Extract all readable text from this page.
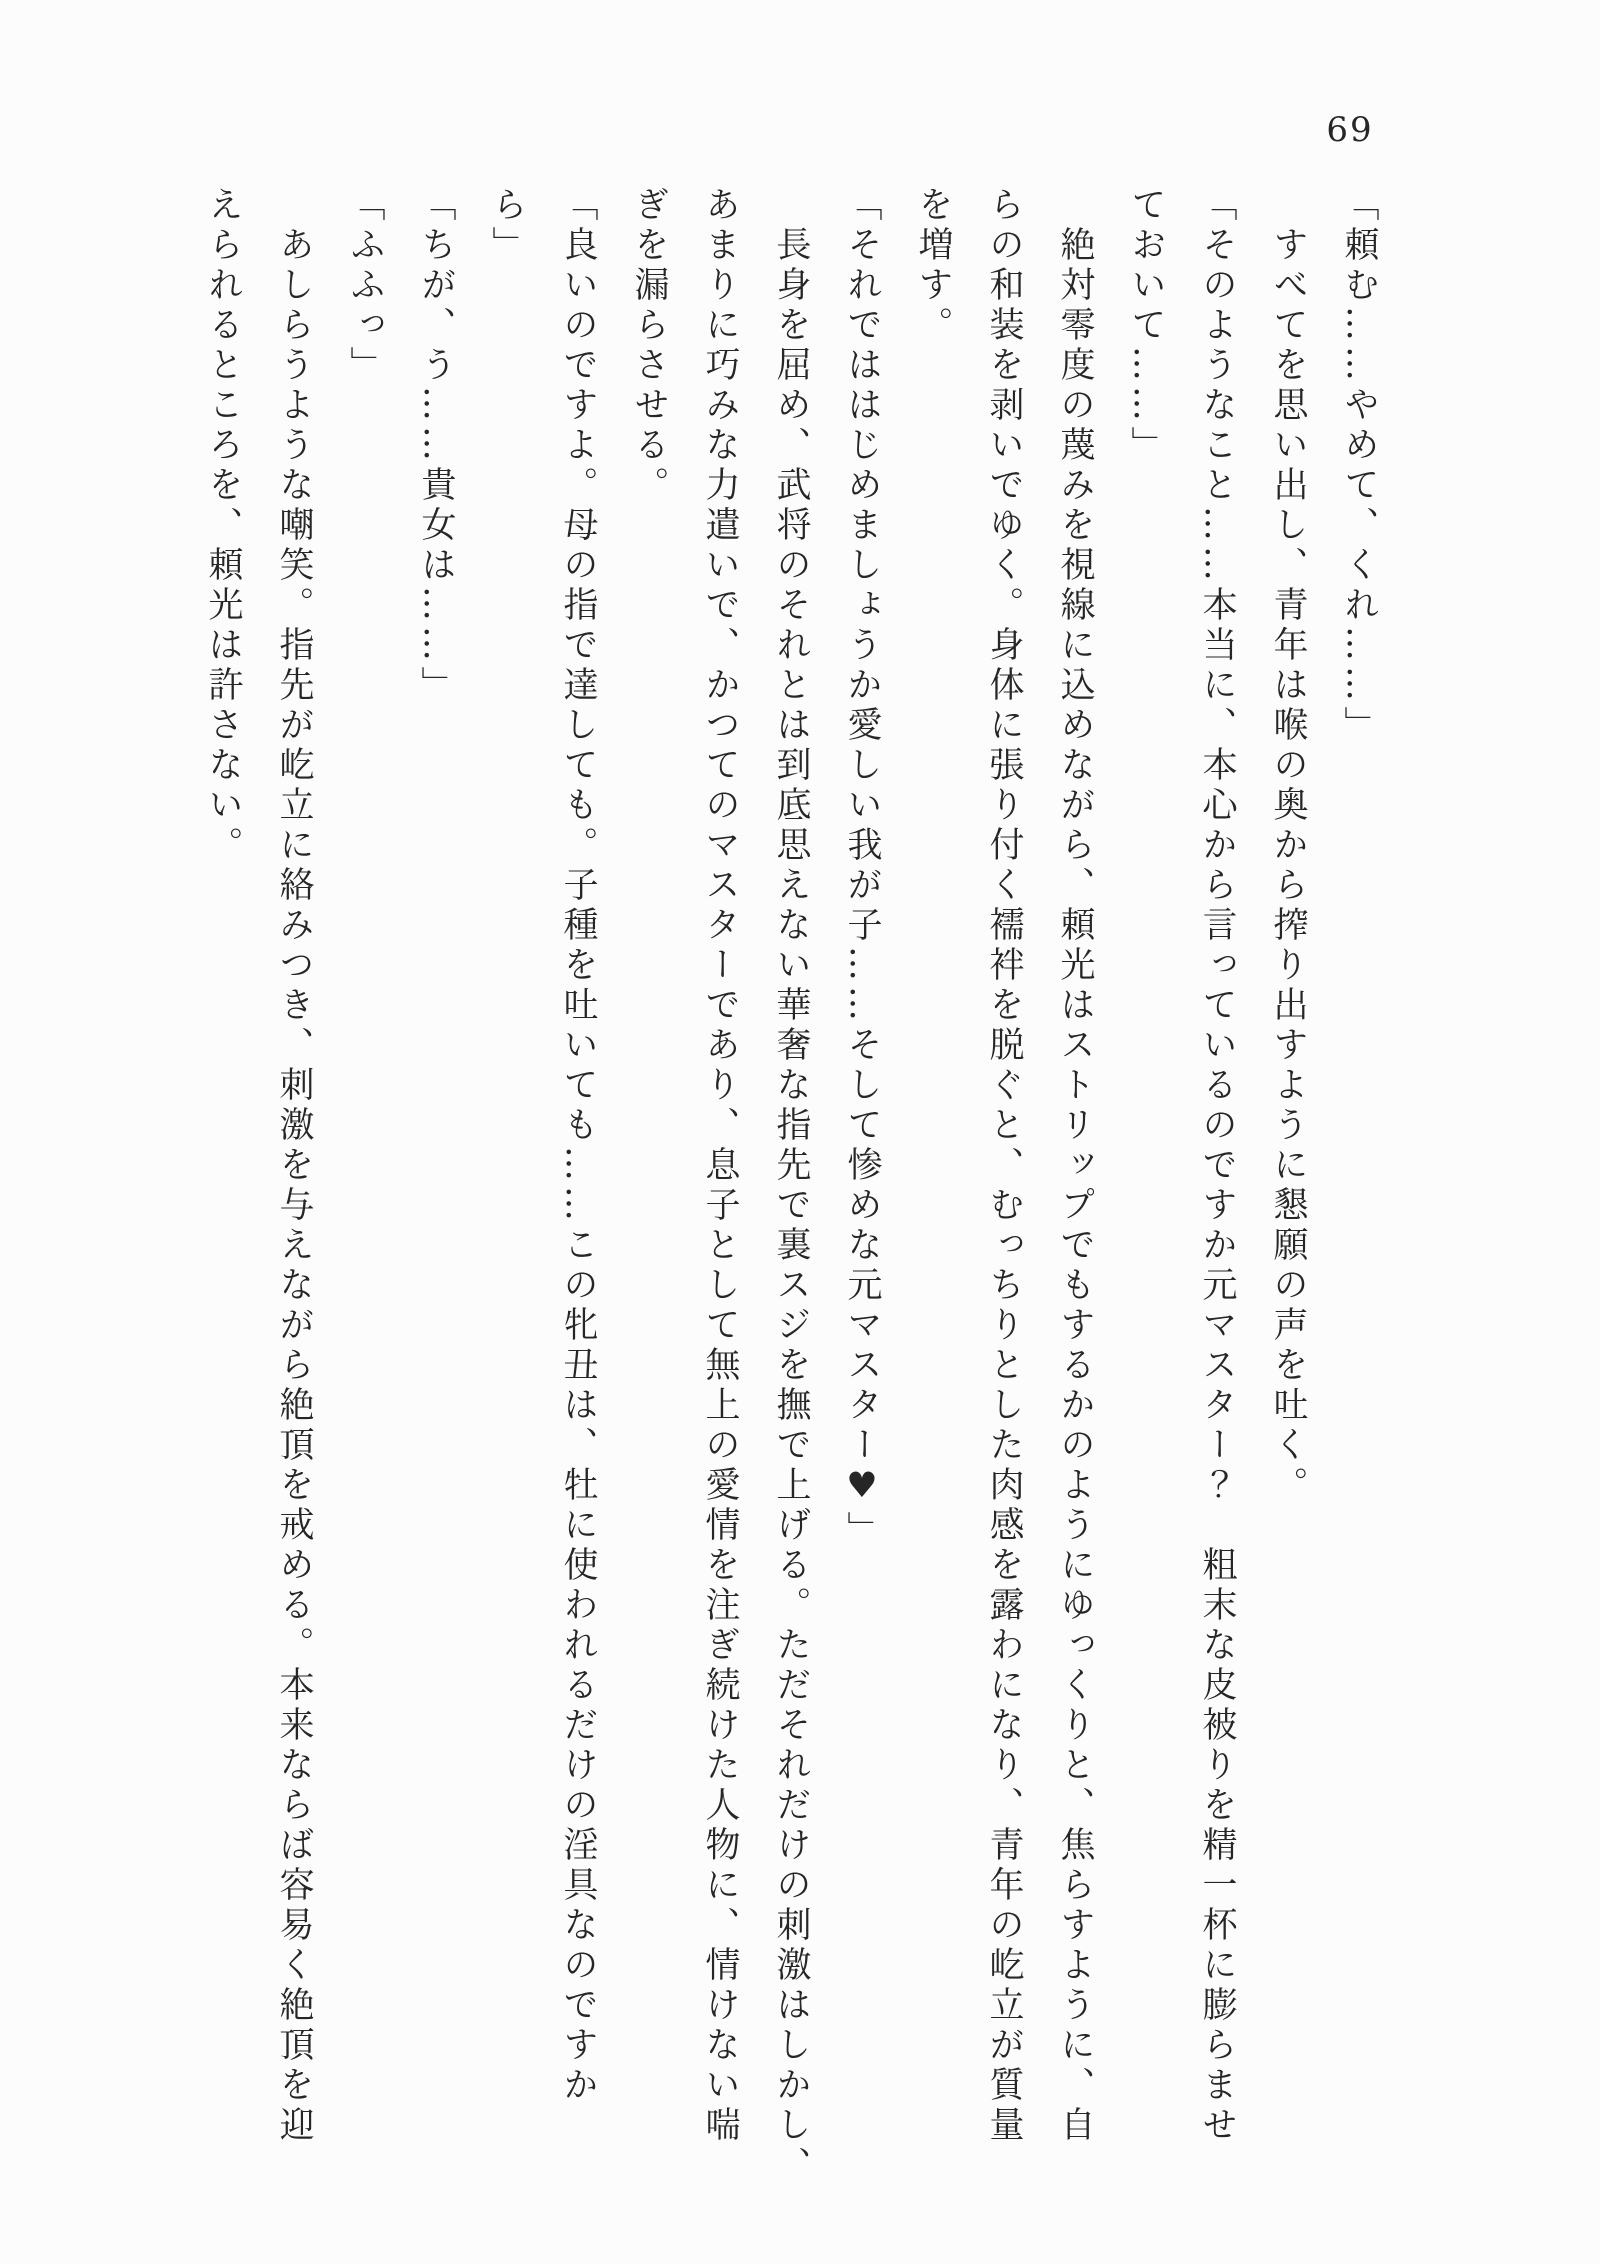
69
「頼む……やめて、くれ……」
　すべてを思い出し、青年は喉の奥から搾り出すように懇願の声を吐く。
「そのようなこと……本当に、本心から言っているのですか元マスター？　粗末な皮被りを精一杯に膨らませ
ておいて……」
　絶対零度の蔑みを視線に込めながら、頼光はストリップでもするかのようにゆっくりと、焦らすように、自
らの和装を剥いでゆく。身体に張り付く襦袢を脱ぐと、むっちりとした肉感を露わになり、青年の屹立が質量
を増す。
「それでははじめましょうか愛しい我が子……そして惨めな元マスター♥」
　長身を屈め、武将のそれとは到底思えない華奢な指先で裏スジを撫で上げる。ただそれだけの刺激はしかし、
あまりに巧みな力遣いで、かつてのマスターであり、息子として無上の愛情を注ぎ続けた人物に、情けない喘
ぎを漏らさせる。
「良いのですよ。母の指で達しても。子種を吐いても……この牝丑は、牡に使われるだけの淫具なのですか
ら」
「ちが、う……貴女は……」
「ふふっ」
　あしらうような嘲笑。指先が屹立に絡みつき、刺激を与えながら絶頂を戒める。本来ならば容易く絶頂を迎
えられるところを、頼光は許さない。
